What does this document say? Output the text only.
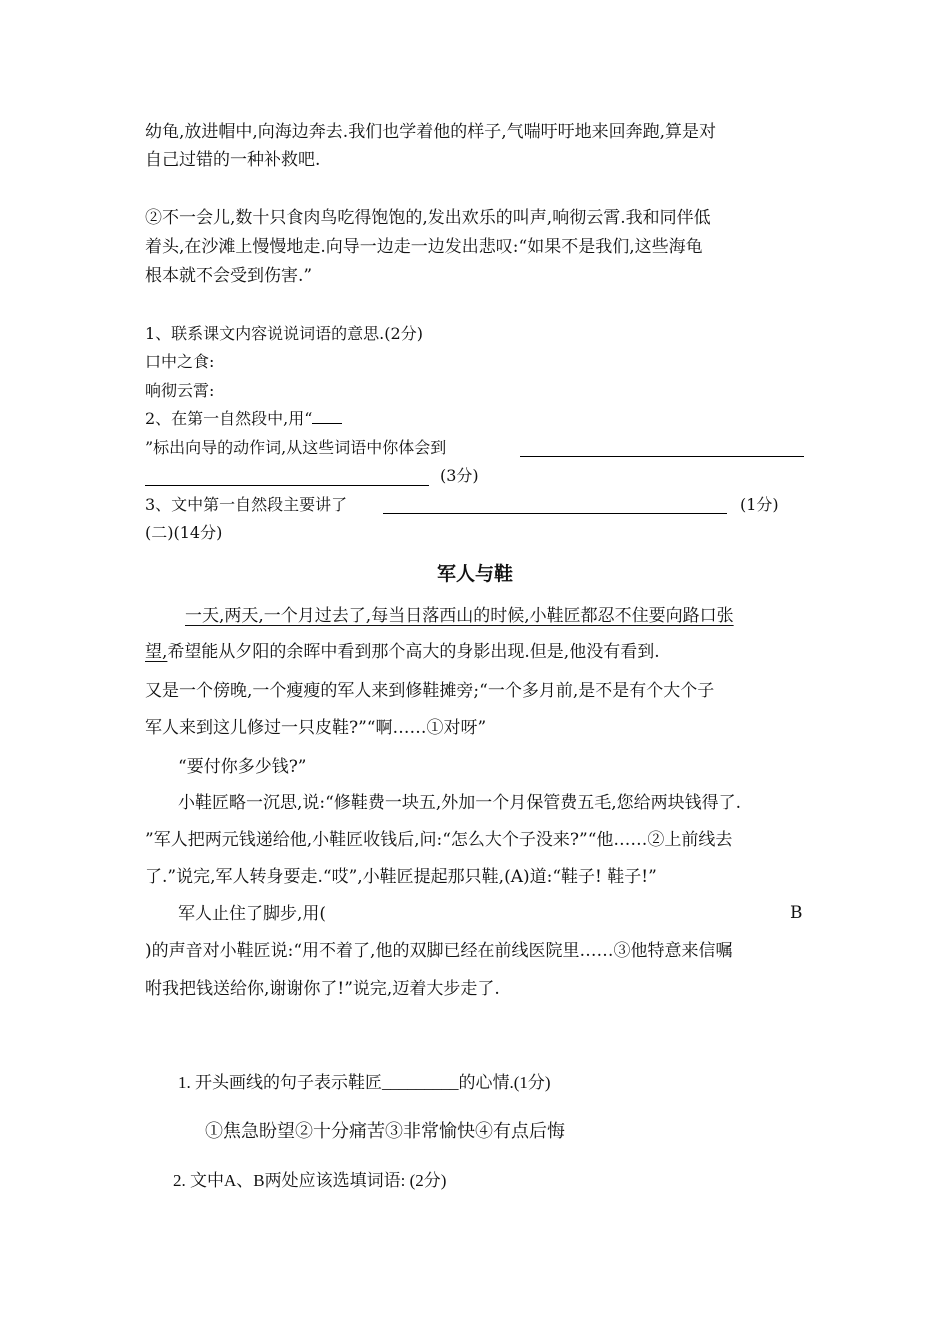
幼龟,放进帽中,向海边奔去.我们也学着他的样子,气喘吁吁地来回奔跑,算是对
自己过错的一种补救吧.
②不一会儿,数十只食肉鸟吃得饱饱的,发出欢乐的叫声,响彻云霄.我和同伴低
着头,在沙滩上慢慢地走.向导一边走一边发出悲叹:“如果不是我们,这些海龟
根本就不会受到伤害.”
1、联系课文内容说说词语的意思.(2分)
口中之食:
响彻云霄:
2、在第一自然段中,用“
”标出向导的动作词,从这些词语中你体会到
(3分)
3、文中第一自然段主要讲了	(1分)
(二)(14分)
军人与鞋
一天,两天,一个月过去了,每当日落西山的时候,小鞋匠都忍不住要向路口张
望,希望能从夕阳的余晖中看到那个高大的身影出现.但是,他没有看到.
又是一个傍晚,一个瘦瘦的军人来到修鞋摊旁;“一个多月前,是不是有个大个子
军人来到这儿修过一只皮鞋?”“啊……①对呀”
“要付你多少钱?”
小鞋匠略一沉思,说:“修鞋费一块五,外加一个月保管费五毛,您给两块钱得了.
”军人把两元钱递给他,小鞋匠收钱后,问:“怎么大个子没来?”“他……②上前线去
了.”说完,军人转身要走.“哎”,小鞋匠提起那只鞋,(A)道:“鞋子! 鞋子!”
军人止住了脚步,用(	B
)的声音对小鞋匠说:“用不着了,他的双脚已经在前线医院里……③他特意来信嘱
咐我把钱送给你,谢谢你了!”说完,迈着大步走了.
1. 开头画线的句子表示鞋匠_________的心情.(1分)
①焦急盼望②十分痛苦③非常愉快④有点后悔
2. 文中A、B两处应该选填词语: (2分)
